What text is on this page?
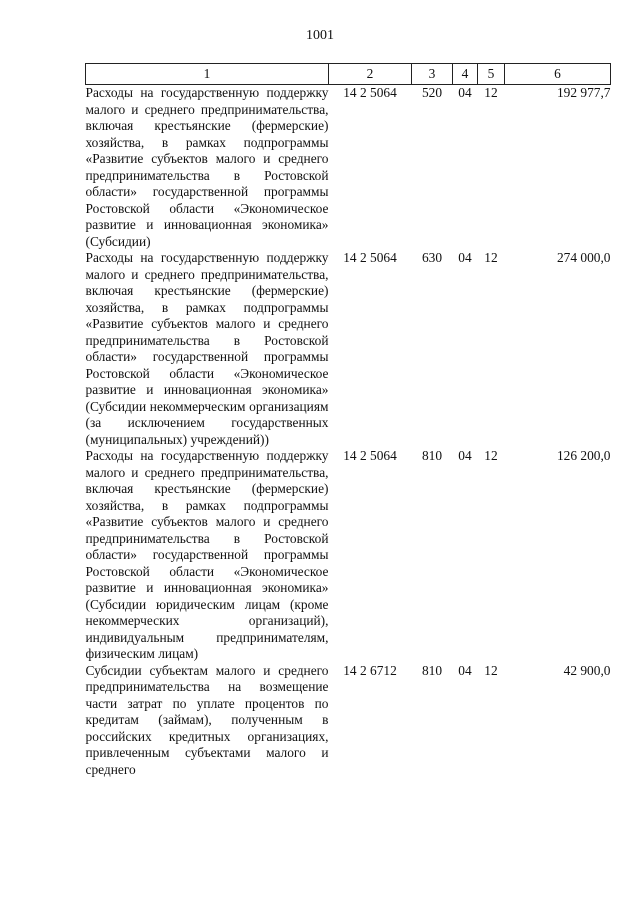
1001
1	2	3	4	5	6
Расходы на государственную поддержку малого и среднего предпринимательства, включая крестьянские (фермерские) хозяйства, в рамках подпрограммы «Развитие субъектов малого и среднего предпринимательства в Ростовской области» государственной программы Ростовской области «Экономическое развитие и инновационная экономика» (Субсидии)	14 2 5064	520	04	12	192 977,7
Расходы на государственную поддержку малого и среднего предпринимательства, включая крестьянские (фермерские) хозяйства, в рамках подпрограммы «Развитие субъектов малого и среднего предпринимательства в Ростовской области» государственной программы Ростовской области «Экономическое развитие и инновационная экономика» (Субсидии некоммерческим организациям (за исключением государственных (муниципальных) учреждений))	14 2 5064	630	04	12	274 000,0
Расходы на государственную поддержку малого и среднего предпринимательства, включая крестьянские (фермерские) хозяйства, в рамках подпрограммы «Развитие субъектов малого и среднего предпринимательства в Ростовской области» государственной программы Ростовской области «Экономическое развитие и инновационная экономика» (Субсидии юридическим лицам (кроме некоммерческих организаций), индивидуальным предпринимателям, физическим лицам)	14 2 5064	810	04	12	126 200,0
Субсидии субъектам малого и среднего предпринимательства на возмещение части затрат по уплате процентов по кредитам (займам), полученным в российских кредитных организациях, привлеченным субъектами малого и среднего	14 2 6712	810	04	12	42 900,0
